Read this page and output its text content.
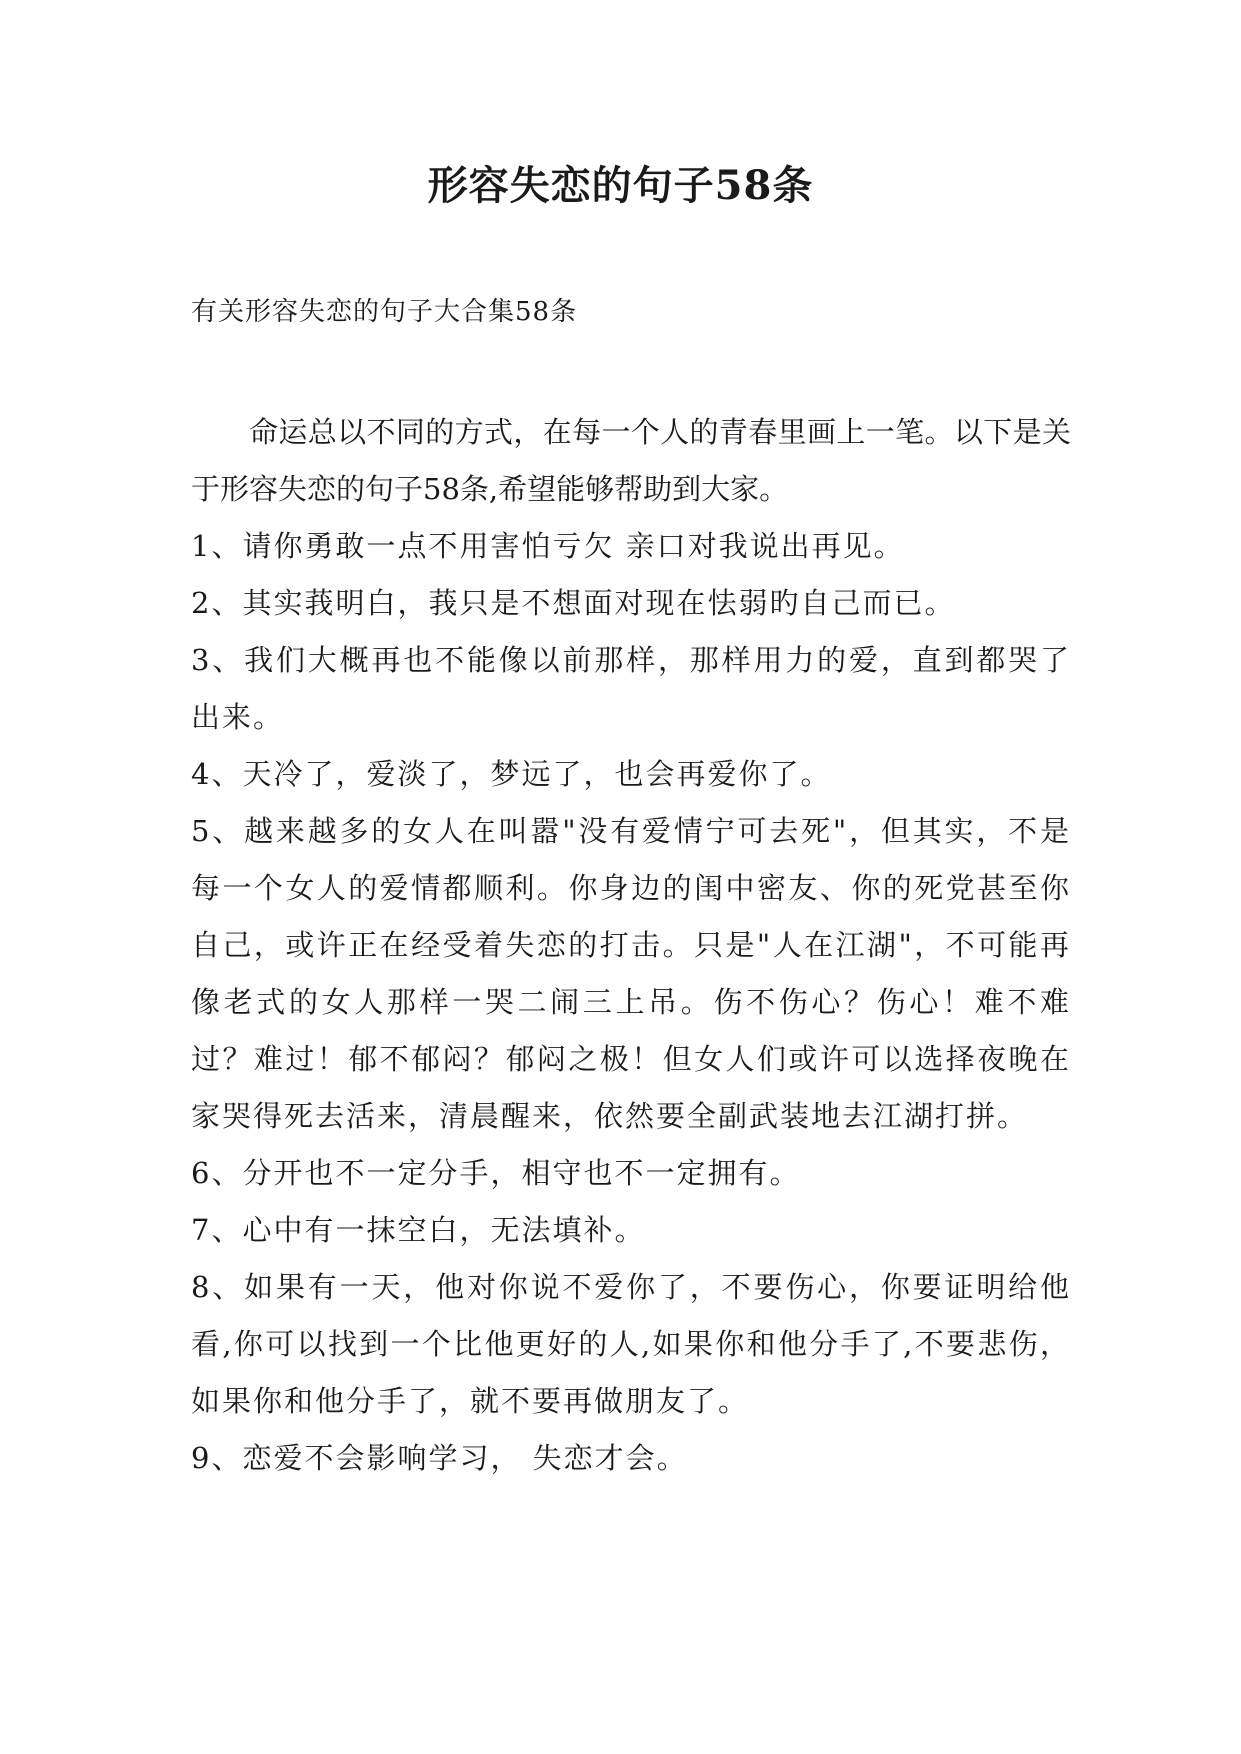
形容失恋的句子58条
有关形容失恋的句子大合集58条

命运总以不同的方式，在每一个人的青春里画上一笔。以下是关于形容失恋的句子58条,希望能够帮助到大家。

1、请你勇敢一点不用害怕亏欠 亲口对我说出再见。

2、其实莪明白，莪只是不想面对现在怯弱旳自己而已。

3、我们大概再也不能像以前那样，那样用力的爱，直到都哭了出来。

4、天冷了，爱淡了，梦远了，也会再爱你了。

5、越来越多的女人在叫嚣"没有爱情宁可去死"，但其实，不是每一个女人的爱情都顺利。你身边的闺中密友、你的死党甚至你自己，或许正在经受着失恋的打击。只是"人在江湖"，不可能再像老式的女人那样一哭二闹三上吊。伤不伤心？伤心！难不难过？难过！郁不郁闷？郁闷之极！但女人们或许可以选择夜晚在家哭得死去活来，清晨醒来，依然要全副武装地去江湖打拼。

6、分开也不一定分手，相守也不一定拥有。

7、心中有一抹空白，无法填补。

8、如果有一天，他对你说不爱你了，不要伤心，你要证明给他看,你可以找到一个比他更好的人,如果你和他分手了,不要悲伤，如果你和他分手了，就不要再做朋友了。

9、恋爱不会影响学习， 失恋才会。
